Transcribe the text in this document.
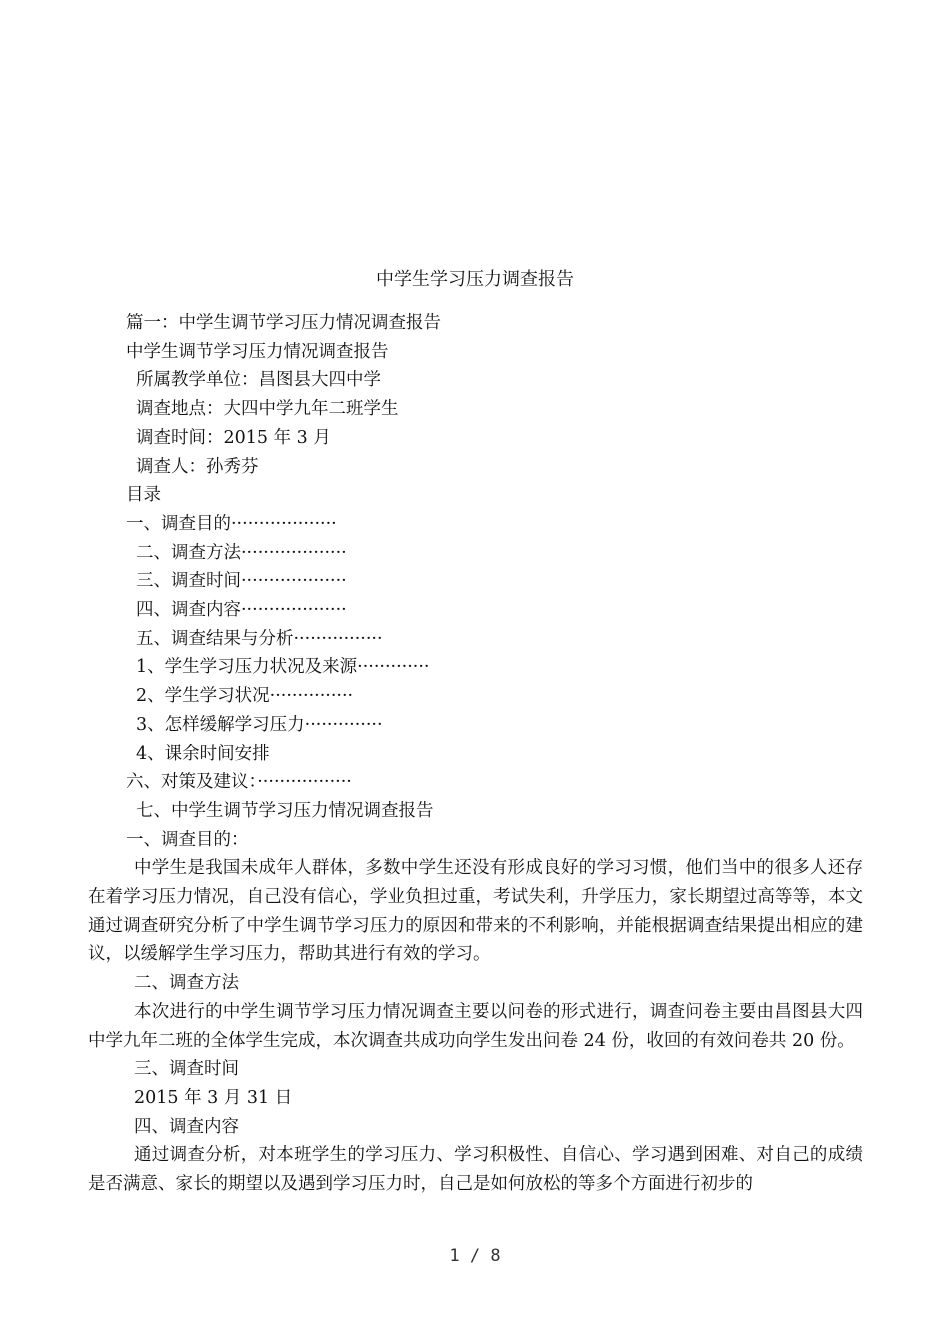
中学生学习压力调查报告
篇一：中学生调节学习压力情况调查报告
中学生调节学习压力情况调查报告
所属教学单位：昌图县大四中学
调查地点：大四中学九年二班学生
调查时间：2015 年 3 月
调查人：孙秀芬
目录
一、调查目的···················
二、调查方法···················
三、调查时间···················
四、调查内容···················
五、调查结果与分析················
1、学生学习压力状况及来源·············
2、学生学习状况···············
3、怎样缓解学习压力··············
4、课余时间安排
六、对策及建议：·················
七、中学生调节学习压力情况调查报告
一、调查目的：
中学生是我国未成年人群体，多数中学生还没有形成良好的学习习惯，他们当中的很多人还存在着学习压力情况，自己没有信心，学业负担过重，考试失利，升学压力，家长期望过高等等，本文通过调查研究分析了中学生调节学习压力的原因和带来的不利影响，并能根据调查结果提出相应的建议，以缓解学生学习压力，帮助其进行有效的学习。
二、调查方法
本次进行的中学生调节学习压力情况调查主要以问卷的形式进行，调查问卷主要由昌图县大四中学九年二班的全体学生完成，本次调查共成功向学生发出问卷 24 份，收回的有效问卷共 20 份。
三、调查时间
2015 年 3 月 31 日
四、调查内容
通过调查分析，对本班学生的学习压力、学习积极性、自信心、学习遇到困难、对自己的成绩是否满意、家长的期望以及遇到学习压力时，自己是如何放松的等多个方面进行初步的
1 / 8
